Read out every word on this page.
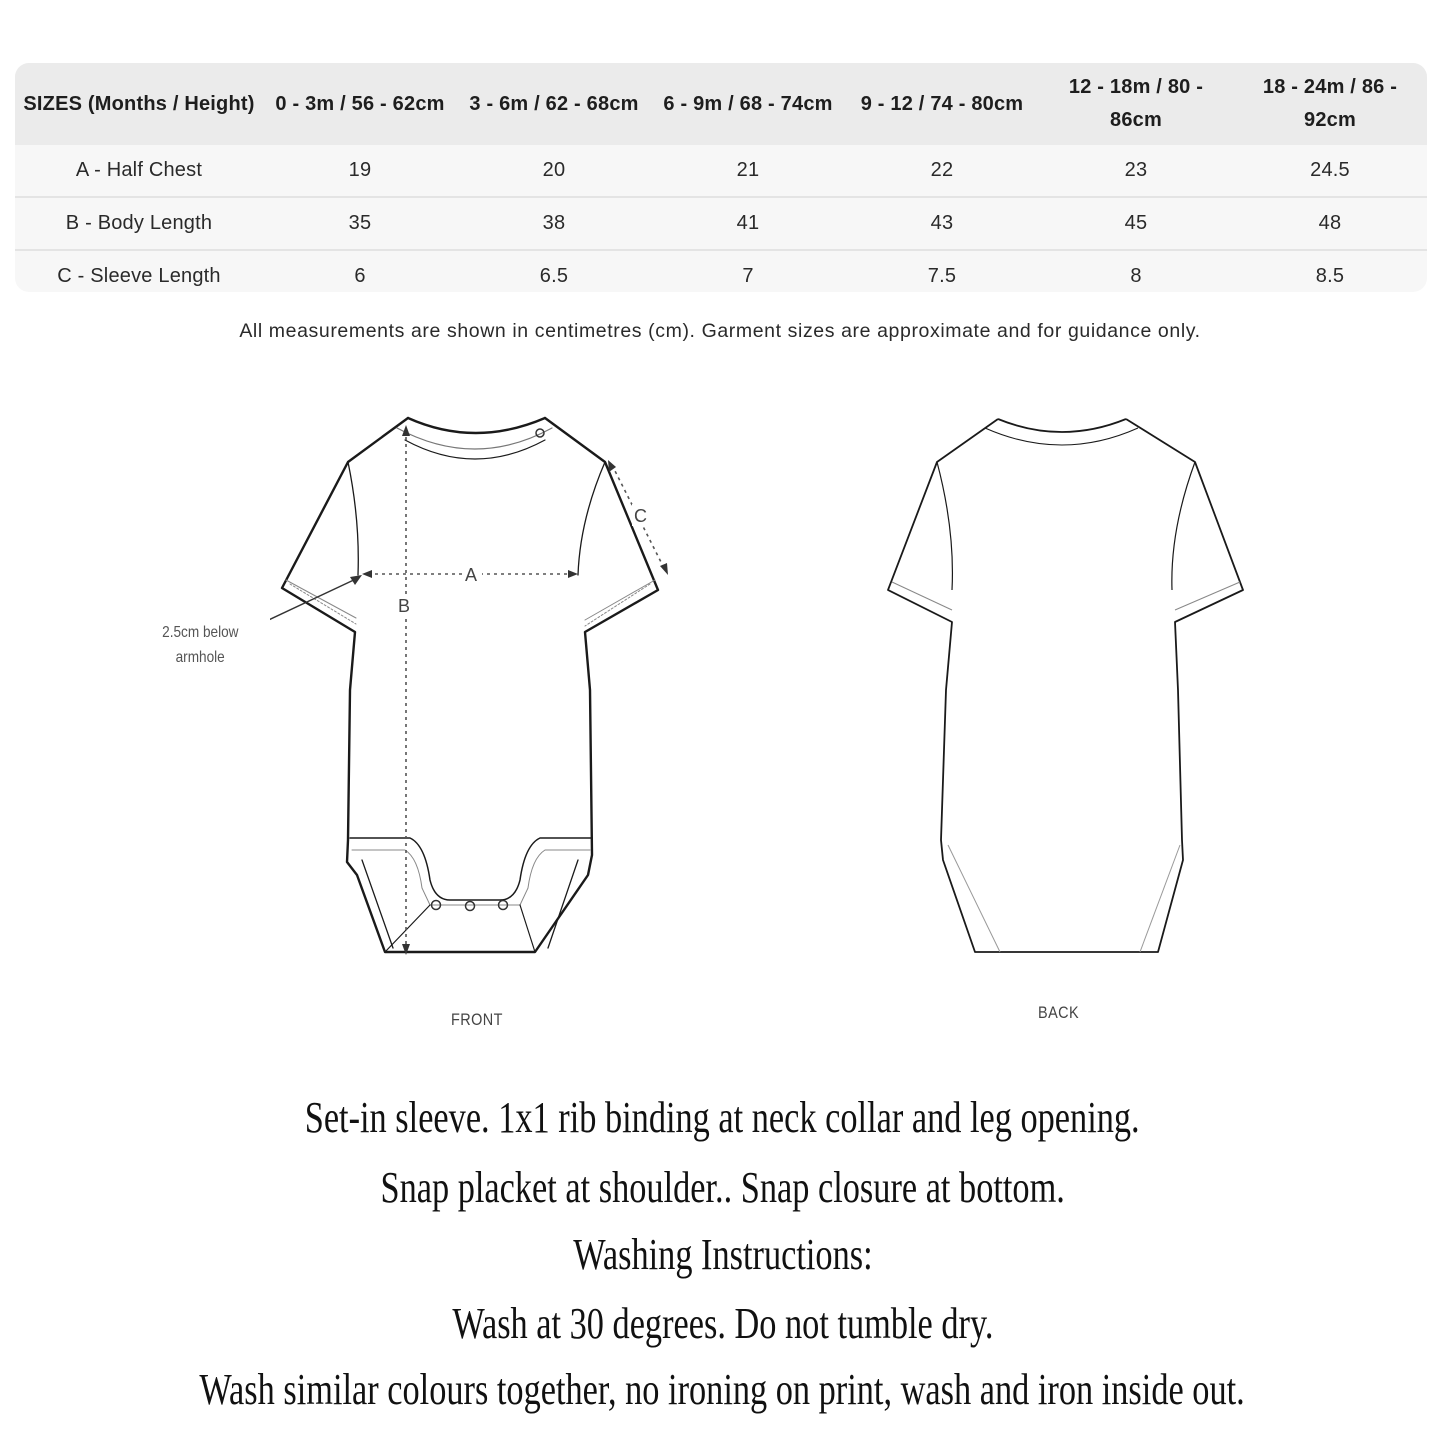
SIZES (Months / Height)	0 - 3m / 56 - 62cm	3 - 6m / 62 - 68cm	6 - 9m / 68 - 74cm	9 - 12 / 74 - 80cm	12 - 18m / 80 - 86cm	18 - 24m / 86 - 92cm
A - Half Chest	19	20	21	22	23	24.5
B - Body Length	35	38	41	43	45	48
C - Sleeve Length	6	6.5	7	7.5	8	8.5
All measurements are shown in centimetres (cm). Garment sizes are approximate and for guidance only.
A
B
C
2.5cm below
armhole
FRONT	BACK
Set-in sleeve. 1x1 rib binding at neck collar and leg opening.
Snap placket at shoulder.. Snap closure at bottom.
Washing Instructions:
Wash at 30 degrees. Do not tumble dry.
Wash similar colours together, no ironing on print, wash and iron inside out.
